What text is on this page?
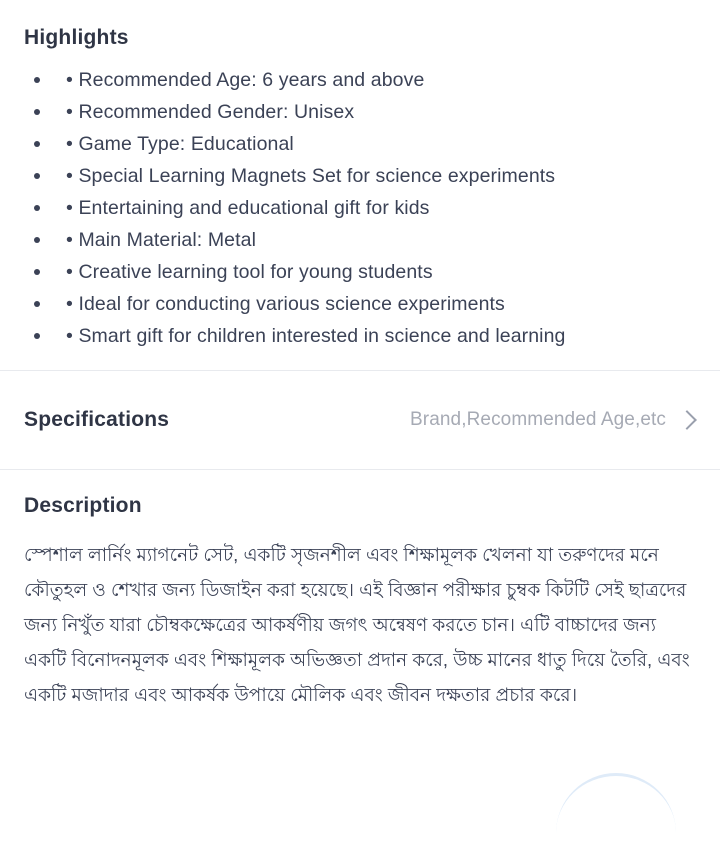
Highlights
• Recommended Age: 6 years and above
• Recommended Gender: Unisex
• Game Type: Educational
• Special Learning Magnets Set for science experiments
• Entertaining and educational gift for kids
• Main Material: Metal
• Creative learning tool for young students
• Ideal for conducting various science experiments
• Smart gift for children interested in science and learning
Specifications	Brand,Recommended Age,etc
Description

স্পেশাল লার্নিং ম্যাগনেট সেট, একটি সৃজনশীল এবং শিক্ষামূলক খেলনা যা তরুণদের মনে কৌতুহল ও শেখার জন্য ডিজাইন করা হয়েছে। এই বিজ্ঞান পরীক্ষার চুম্বক কিটটি সেই ছাত্রদের জন্য নিখুঁত যারা চৌম্বকক্ষেত্রের আকর্ষণীয় জগৎ অন্বেষণ করতে চান। এটি বাচ্চাদের জন্য একটি বিনোদনমূলক এবং শিক্ষামূলক অভিজ্ঞতা প্রদান করে, উচ্চ মানের ধাতু দিয়ে তৈরি, এবং একটি মজাদার এবং আকর্ষক উপায়ে মৌলিক এবং জীবন দক্ষতার প্রচার করে।
